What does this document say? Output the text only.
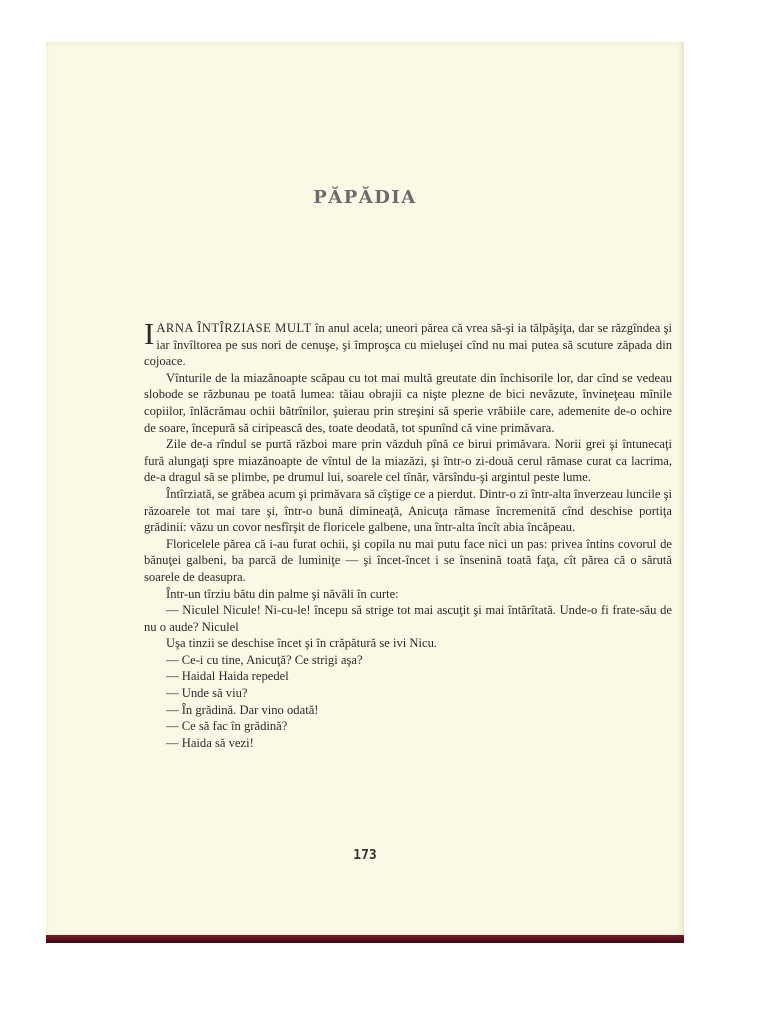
PĂPĂDIA

IARNA ÎNTÎRZIASE MULT în anul acela; uneori părea că vrea să-şi ia tălpăşiţa, dar se răzgîndea şi iar învîltorea pe sus nori de cenuşe, şi împroşca cu mieluşei cînd nu mai putea să scuture zăpada din cojoace.

Vînturile de la miazănoapte scăpau cu tot mai multă greutate din închisorile lor, dar cînd se vedeau slobode se răzbunau pe toată lumea: tăiau obrajii ca nişte plezne de bici nevăzute, învineţeau mînile copiilor, înlăcrămau ochii bătrînilor, şuierau prin streşini să sperie vrăbiile care, ademenite de-o ochire de soare, începură să ciripească des, toate deodată, tot spunînd că vine primăvara.

Zile de-a rîndul se purtă război mare prin văzduh pînă ce birui primăvara. Norii grei şi întunecaţi fură alungaţi spre miazănoapte de vîntul de la miazăzi, şi într-o zi-două cerul rămase curat ca lacrima, de-a dragul să se plimbe, pe drumul lui, soarele cel tînăr, vărsîndu-şi argintul peste lume.

Întîrziată, se grăbea acum şi primăvara să cîştige ce a pierdut. Dintr-o zi într-alta înverzeau luncile şi răzoarele tot mai tare şi, într-o bună dimineaţă, Anicuţa rămase încremenită cînd deschise portiţa grădinii: văzu un covor nesfîrşit de floricele galbene, una într-alta încît abia încăpeau.

Floricelele părea că i-au furat ochii, şi copila nu mai putu face nici un pas: privea întins covorul de bănuţei galbeni, ba parcă de luminiţe — şi încet-încet i se însenină toată faţa, cît părea că o sărută soarele de deasupra.

Într-un tîrziu bătu din palme şi năvăli în curte:

— Niculel Nicule! Ni-cu-le! începu să strige tot mai ascuţit şi mai întărîtată. Unde-o fi frate-său de nu o aude? Niculel

Uşa tinzii se deschise încet şi în crăpătură se ivi Nicu.

— Ce-i cu tine, Anicuţă? Ce strigi aşa?

— Haidal Haida repedel

— Unde să viu?

— În grădină. Dar vino odată!

— Ce să fac în grădină?

— Haida să vezi!

173
